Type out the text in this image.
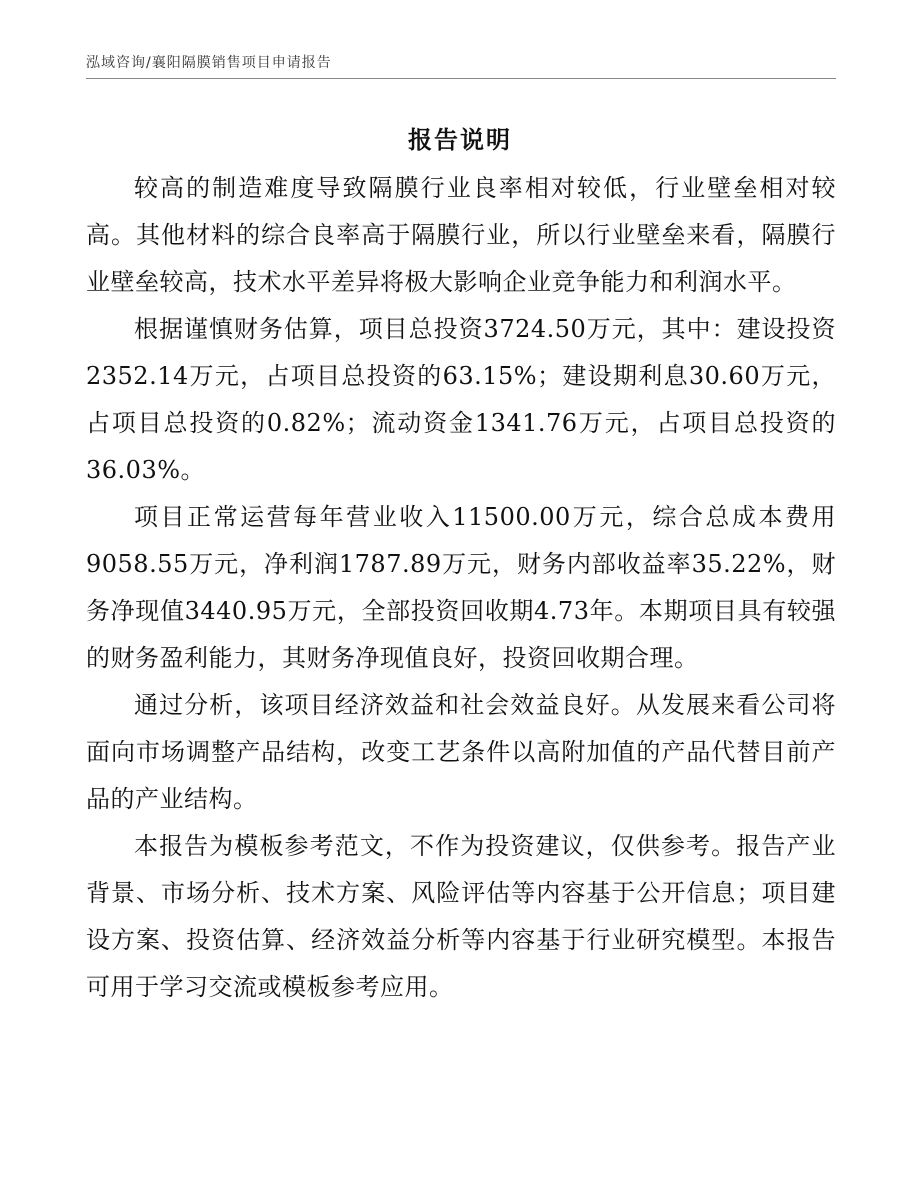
泓域咨询/襄阳隔膜销售项目申请报告
报告说明

较高的制造难度导致隔膜行业良率相对较低，行业壁垒相对较高。其他材料的综合良率高于隔膜行业，所以行业壁垒来看，隔膜行业壁垒较高，技术水平差异将极大影响企业竞争能力和利润水平。

根据谨慎财务估算，项目总投资3724.50万元，其中：建设投资2352.14万元，占项目总投资的63.15%；建设期利息30.60万元，占项目总投资的0.82%；流动资金1341.76万元，占项目总投资的36.03%。

项目正常运营每年营业收入11500.00万元，综合总成本费用9058.55万元，净利润1787.89万元，财务内部收益率35.22%，财务净现值3440.95万元，全部投资回收期4.73年。本期项目具有较强的财务盈利能力，其财务净现值良好，投资回收期合理。

通过分析，该项目经济效益和社会效益良好。从发展来看公司将面向市场调整产品结构，改变工艺条件以高附加值的产品代替目前产品的产业结构。

本报告为模板参考范文，不作为投资建议，仅供参考。报告产业背景、市场分析、技术方案、风险评估等内容基于公开信息；项目建设方案、投资估算、经济效益分析等内容基于行业研究模型。本报告可用于学习交流或模板参考应用。
